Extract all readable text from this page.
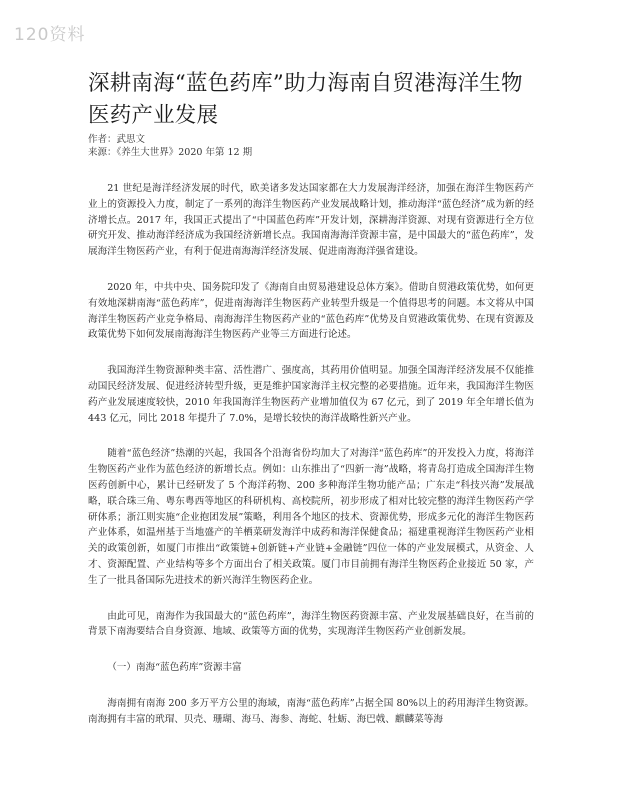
120资料
深耕南海“蓝色药库”助力海南自贸港海洋生物医药产业发展

作者：武思文

来源：《养生大世界》2020 年第 12 期

21 世纪是海洋经济发展的时代，欧美诸多发达国家都在大力发展海洋经济，加强在海洋生物医药产业上的资源投入力度，制定了一系列的海洋生物医药产业发展战略计划，推动海洋“蓝色经济”成为新的经济增长点。2017 年，我国正式提出了“中国蓝色药库”开发计划，深耕海洋资源、对现有资源进行全方位研究开发、推动海洋经济成为我国经济新增长点。我国南海海洋资源丰富，是中国最大的“蓝色药库”，发展海洋生物医药产业，有利于促进南海海洋经济发展、促进南海海洋强省建设。

2020 年，中共中央、国务院印发了《海南自由贸易港建设总体方案》。借助自贸港政策优势，如何更有效地深耕南海“蓝色药库”，促进南海海洋生物医药产业转型升级是一个值得思考的问题。本文将从中国海洋生物医药产业竞争格局、南海海洋生物医药产业的“蓝色药库”优势及自贸港政策优势、在现有资源及政策优势下如何发展南海海洋生物医药产业等三方面进行论述。

我国海洋生物资源种类丰富、活性潜广、强度高，其药用价值明显。加强全国海洋经济发展不仅能推动国民经济发展、促进经济转型升级，更是维护国家海洋主权完整的必要措施。近年来，我国海洋生物医药产业发展速度较快，2010 年我国海洋生物医药产业增加值仅为 67 亿元，到了 2019 年全年增长值为 443 亿元，同比 2018 年提升了 7.0%，是增长较快的海洋战略性新兴产业。

随着“蓝色经济”热潮的兴起，我国各个沿海省份均加大了对海洋“蓝色药库”的开发投入力度，将海洋生物医药产业作为蓝色经济的新增长点。例如：山东推出了“四新一海”战略，将青岛打造成全国海洋生物医药创新中心，累计已经研发了 5 个海洋药物、200 多种海洋生物功能产品；广东走“科技兴海”发展战略，联合珠三角、粤东粤西等地区的科研机构、高校院所，初步形成了相对比较完整的海洋生物医药产学研体系；浙江则实施“企业抱团发展”策略，利用各个地区的技术、资源优势，形成多元化的海洋生物医药产业体系，如温州基于当地盛产的羊栖菜研发海洋中成药和海洋保健食品；福建重视海洋生物医药产业相关的政策创新，如厦门市推出“政策链+创新链+产业链+金融链”四位一体的产业发展模式，从资金、人才、资源配置、产业结构等多个方面出台了相关政策。厦门市目前拥有海洋生物医药企业接近 50 家，产生了一批具备国际先进技术的新兴海洋生物医药企业。

由此可见，南海作为我国最大的“蓝色药库”，海洋生物医药资源丰富、产业发展基础良好，在当前的背景下南海要结合自身资源、地域、政策等方面的优势，实现海洋生物医药产业创新发展。

（一）南海“蓝色药库”资源丰富

海南拥有南海 200 多万平方公里的海域，南海“蓝色药库”占据全国 80%以上的药用海洋生物资源。南海拥有丰富的玳瑁、贝壳、珊瑚、海马、海参、海蛇、牡蛎、海巴戟、麒麟菜等海
